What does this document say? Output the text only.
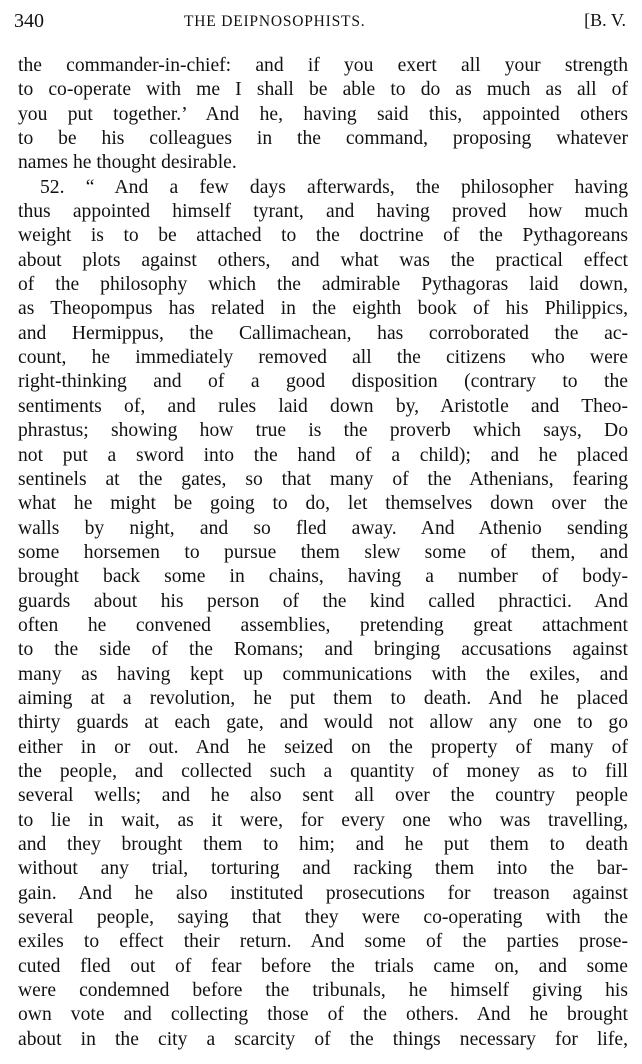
340	THE DEIPNOSOPHISTS.	[B. V.
the commander-in-chief: and if you exert all your strength
to co-operate with me I shall be able to do as much as all of
you put together.’ And he, having said this, appointed others
to be his colleagues in the command, proposing whatever
names he thought desirable.
52. “ And a few days afterwards, the philosopher having
thus appointed himself tyrant, and having proved how much
weight is to be attached to the doctrine of the Pythagoreans
about plots against others, and what was the practical effect
of the philosophy which the admirable Pythagoras laid down,
as Theopompus has related in the eighth book of his Philippics,
and Hermippus, the Callimachean, has corroborated the ac-
count, he immediately removed all the citizens who were
right-thinking and of a good disposition (contrary to the
sentiments of, and rules laid down by, Aristotle and Theo-
phrastus; showing how true is the proverb which says, Do
not put a sword into the hand of a child); and he placed
sentinels at the gates, so that many of the Athenians, fearing
what he might be going to do, let themselves down over the
walls by night, and so fled away. And Athenio sending
some horsemen to pursue them slew some of them, and
brought back some in chains, having a number of body-
guards about his person of the kind called phractici. And
often he convened assemblies, pretending great attachment
to the side of the Romans; and bringing accusations against
many as having kept up communications with the exiles, and
aiming at a revolution, he put them to death. And he placed
thirty guards at each gate, and would not allow any one to go
either in or out. And he seized on the property of many of
the people, and collected such a quantity of money as to fill
several wells; and he also sent all over the country people
to lie in wait, as it were, for every one who was travelling,
and they brought them to him; and he put them to death
without any trial, torturing and racking them into the bar-
gain. And he also instituted prosecutions for treason against
several people, saying that they were co-operating with the
exiles to effect their return. And some of the parties prose-
cuted fled out of fear before the trials came on, and some
were condemned before the tribunals, he himself giving his
own vote and collecting those of the others. And he brought
about in the city a scarcity of the things necessary for life,
